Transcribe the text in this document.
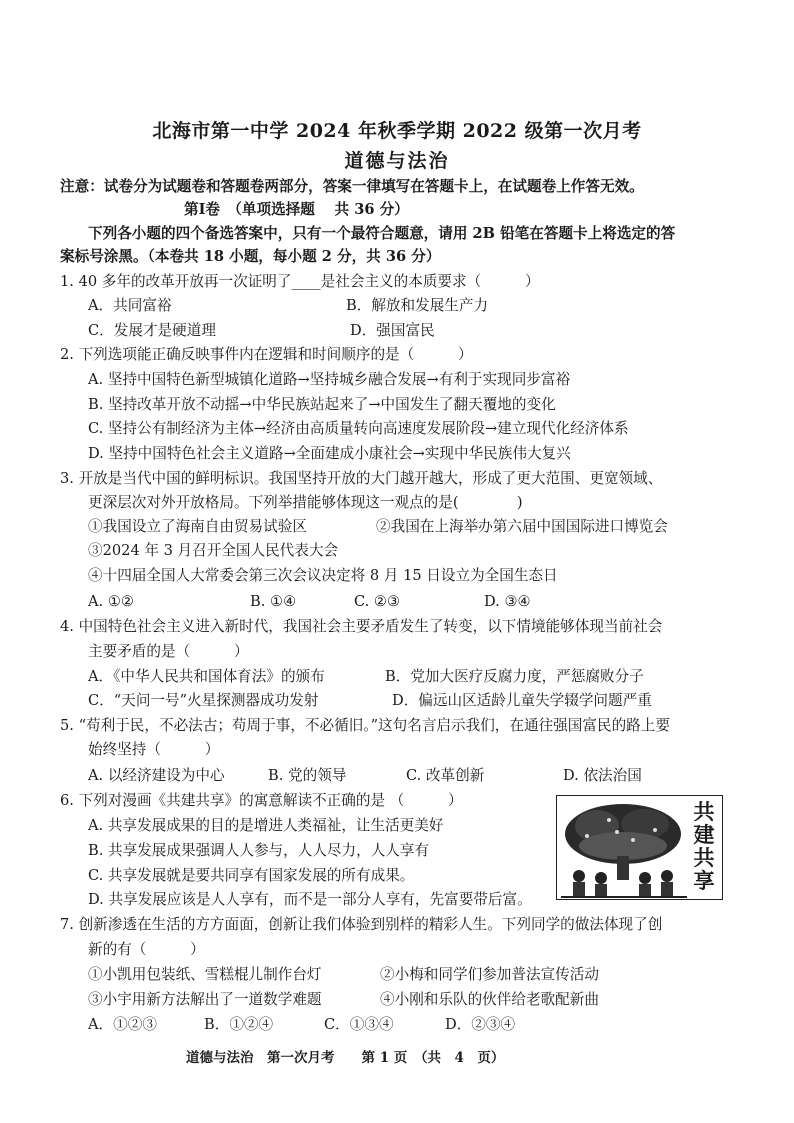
北海市第一中学 2024 年秋季学期 2022 级第一次月考
道德与法治
注意：试卷分为试题卷和答题卷两部分，答案一律填写在答题卡上，在试题卷上作答无效。
第Ⅰ卷　（单项选择题　 共 36 分）
下列各小题的四个备选答案中，只有一个最符合题意，请用 2B 铅笔在答题卡上将选定的答
案标号涂黑。（本卷共 18 小题，每小题 2 分，共 36 分）
1. 40 多年的改革开放再一次证明了____是社会主义的本质要求（　　　）
A．共同富裕	B．解放和发展生产力
C．发展才是硬道理	D．强国富民
2. 下列选项能正确反映事件内在逻辑和时间顺序的是（　　　）
A. 坚持中国特色新型城镇化道路→坚持城乡融合发展→有利于实现同步富裕
B. 坚持改革开放不动摇→中华民族站起来了→中国发生了翻天覆地的变化
C. 坚持公有制经济为主体→经济由高质量转向高速度发展阶段→建立现代化经济体系
D. 坚持中国特色社会主义道路→全面建成小康社会→实现中华民族伟大复兴
3. 开放是当代中国的鲜明标识。我国坚持开放的大门越开越大，形成了更大范围、更宽领域、
更深层次对外开放格局。下列举措能够体现这一观点的是(　　　　)
①我国设立了海南自由贸易试验区	②我国在上海举办第六届中国国际进口博览会
③2024 年 3 月召开全国人民代表大会
④十四届全国人大常委会第三次会议决定将 8 月 15 日设立为全国生态日
A. ①②	B. ①④	C. ②③	D. ③④
4. 中国特色社会主义进入新时代，我国社会主要矛盾发生了转变，以下情境能够体现当前社会
主要矛盾的是（　　　）
A．《中华人民共和国体育法》的颁布	B．党加大医疗反腐力度，严惩腐败分子
C．“天问一号”火星探测器成功发射	D．偏远山区适龄儿童失学辍学问题严重
5. “苟利于民，不必法古；苟周于事，不必循旧。”这句名言启示我们，在通往强国富民的路上要
始终坚持（　　　）
A. 以经济建设为中心	B. 党的领导	C. 改革创新	D. 依法治国
6. 下列对漫画《共建共享》的寓意解读不正确的是 （　　　）
A. 共享发展成果的目的是增进人类福祉，让生活更美好
B. 共享发展成果强调人人参与，人人尽力，人人享有
C. 共享发展就是要共同享有国家发展的所有成果。
D. 共享发展应该是人人享有，而不是一部分人享有，先富要带后富。
共建共享
7. 创新渗透在生活的方方面面，创新让我们体验到别样的精彩人生。下列同学的做法体现了创
新的有（　　　）
①小凯用包装纸、雪糕棍儿制作台灯	②小梅和同学们参加普法宣传活动
③小宇用新方法解出了一道数学难题	④小刚和乐队的伙伴给老歌配新曲
A．①②③	B．①②④	C．①③④	D．②③④
道德与法治　第一次月考　　第 1 页　（共　4　页）
